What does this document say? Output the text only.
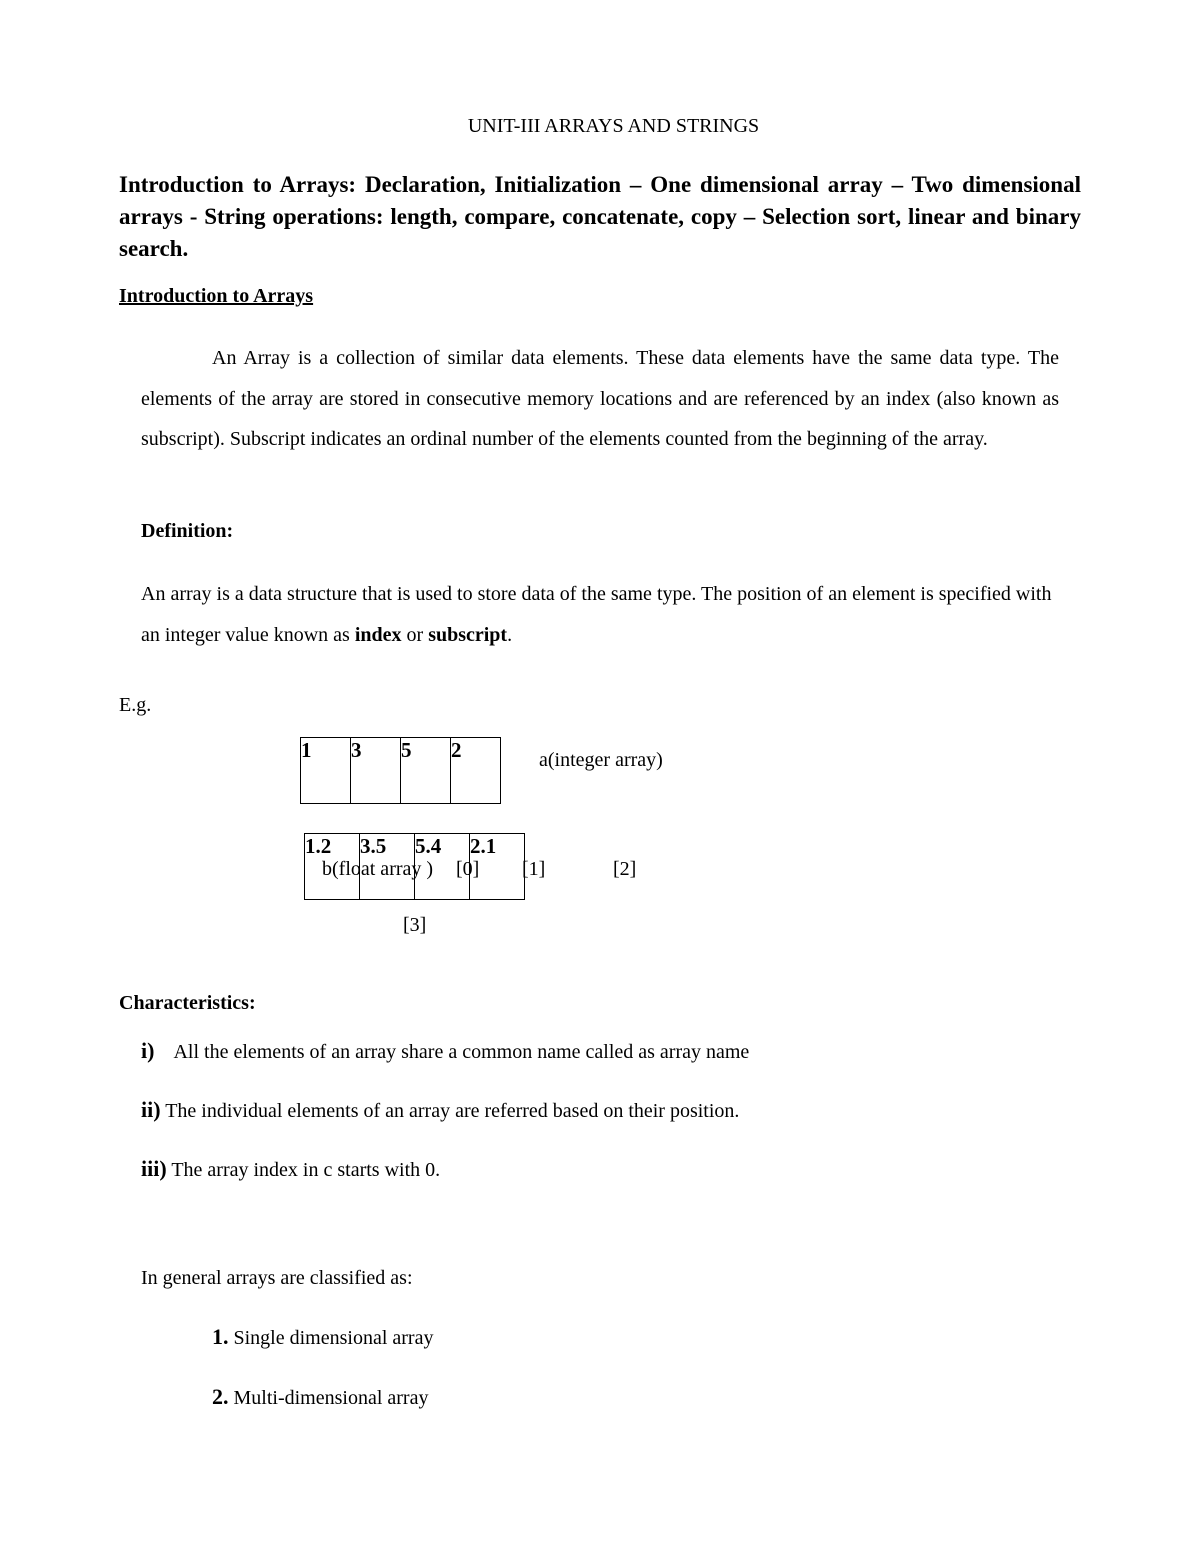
UNIT-III ARRAYS AND STRINGS
Introduction to Arrays: Declaration, Initialization – One dimensional array – Two dimensional arrays - String operations: length, compare, concatenate, copy – Selection sort, linear and binary search.
Introduction to Arrays
An Array is a collection of similar data elements. These data elements have the same data type. The elements of the array are stored in consecutive memory locations and are referenced by an index (also known as subscript). Subscript indicates an ordinal number of the elements counted from the beginning of the array.
Definition:
An array is a data structure that is used to store data of the same type. The position of an element is specified with an integer value known as index or subscript.
E.g.
1	3	5	2	a(integer array)
1.2	3.5	5.4	2.1
b(float array ) [0] [1]	[2]
[3]
Characteristics:
i) All the elements of an array share a common name called as array name
ii) The individual elements of an array are referred based on their position.
iii) The array index in c starts with 0.
In general arrays are classified as:
1. Single dimensional array
2. Multi-dimensional array
